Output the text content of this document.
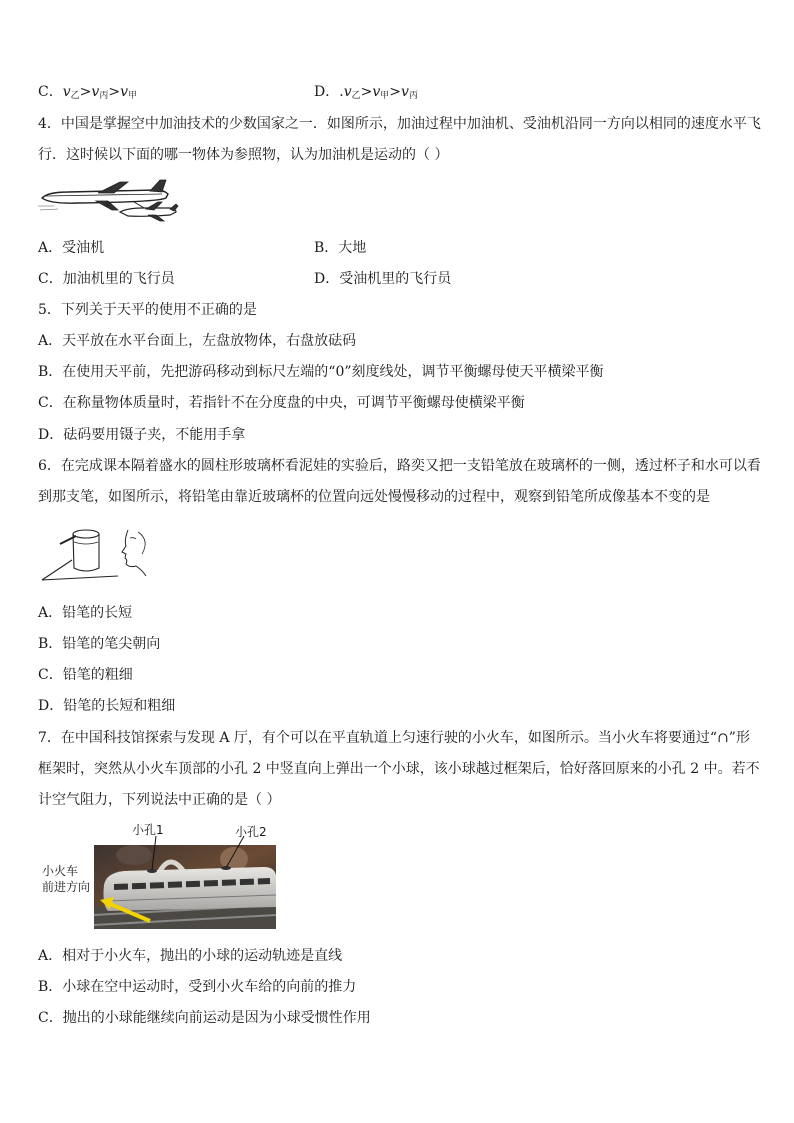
C．$v_乙>v_丙>v_甲$	D．$.v_乙>v_甲>v_丙$
4．中国是掌握空中加油技术的少数国家之一．如图所示，加油过程中加油机、受油机沿同一方向以相同的速度水平飞
行．这时候以下面的哪一物体为参照物，认为加油机是运动的（ ）
A．受油机	B．大地
C．加油机里的飞行员	D．受油机里的飞行员
5．下列关于天平的使用不正确的是
A．天平放在水平台面上，左盘放物体，右盘放砝码
B．在使用天平前，先把游码移动到标尺左端的“0”刻度线处，调节平衡螺母使天平横梁平衡
C．在称量物体质量时，若指针不在分度盘的中央，可调节平衡螺母使横梁平衡
D．砝码要用镊子夹，不能用手拿
6．在完成课本隔着盛水的圆柱形玻璃杯看泥娃的实验后，路奕又把一支铅笔放在玻璃杯的一侧，透过杯子和水可以看
到那支笔，如图所示，将铅笔由靠近玻璃杯的位置向远处慢慢移动的过程中，观察到铅笔所成像基本不变的是
A．铅笔的长短
B．铅笔的笔尖朝向
C．铅笔的粗细
D．铅笔的长短和粗细
7．在中国科技馆探索与发现 A 厅，有个可以在平直轨道上匀速行驶的小火车，如图所示。当小火车将要通过“∩”形
框架时，突然从小火车顶部的小孔 2 中竖直向上弹出一个小球，该小球越过框架后，恰好落回原来的小孔 2 中。若不
计空气阻力，下列说法中正确的是（ ）
小孔1	小孔2
小火车
前进方向
A．相对于小火车，抛出的小球的运动轨迹是直线
B．小球在空中运动时，受到小火车给的向前的推力
C．抛出的小球能继续向前运动是因为小球受惯性作用
